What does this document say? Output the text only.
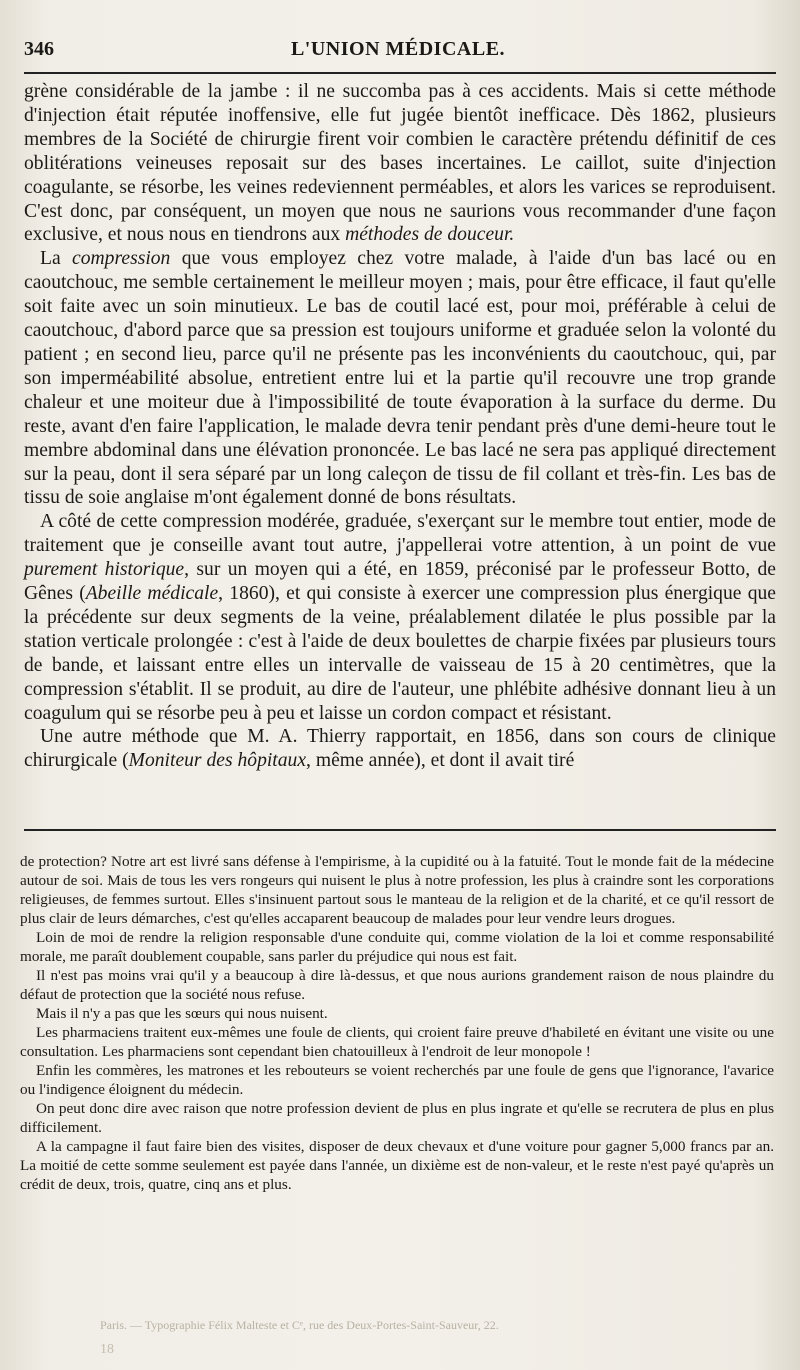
346	L'UNION MÉDICALE.

grène considérable de la jambe : il ne succomba pas à ces accidents. Mais si cette méthode d'injection était réputée inoffensive, elle fut jugée bientôt inefficace. Dès 1862, plusieurs membres de la Société de chirurgie firent voir combien le caractère prétendu définitif de ces oblitérations veineuses reposait sur des bases incertaines. Le caillot, suite d'injection coagulante, se résorbe, les veines redeviennent perméables, et alors les varices se reproduisent. C'est donc, par conséquent, un moyen que nous ne saurions vous recommander d'une façon exclusive, et nous nous en tiendrons aux méthodes de douceur.

La compression que vous employez chez votre malade, à l'aide d'un bas lacé ou en caoutchouc, me semble certainement le meilleur moyen ; mais, pour être efficace, il faut qu'elle soit faite avec un soin minutieux. Le bas de coutil lacé est, pour moi, préférable à celui de caoutchouc, d'abord parce que sa pression est toujours uniforme et graduée selon la volonté du patient ; en second lieu, parce qu'il ne présente pas les inconvénients du caoutchouc, qui, par son imperméabilité absolue, entretient entre lui et la partie qu'il recouvre une trop grande chaleur et une moiteur due à l'impossibilité de toute évaporation à la surface du derme. Du reste, avant d'en faire l'application, le malade devra tenir pendant près d'une demi-heure tout le membre abdominal dans une élévation prononcée. Le bas lacé ne sera pas appliqué directement sur la peau, dont il sera séparé par un long caleçon de tissu de fil collant et très-fin. Les bas de tissu de soie anglaise m'ont également donné de bons résultats.

A côté de cette compression modérée, graduée, s'exerçant sur le membre tout entier, mode de traitement que je conseille avant tout autre, j'appellerai votre attention, à un point de vue purement historique, sur un moyen qui a été, en 1859, préconisé par le professeur Botto, de Gênes (Abeille médicale, 1860), et qui consiste à exercer une compression plus énergique que la précédente sur deux segments de la veine, préalablement dilatée le plus possible par la station verticale prolongée : c'est à l'aide de deux boulettes de charpie fixées par plusieurs tours de bande, et laissant entre elles un intervalle de vaisseau de 15 à 20 centimètres, que la compression s'établit. Il se produit, au dire de l'auteur, une phlébite adhésive donnant lieu à un coagulum qui se résorbe peu à peu et laisse un cordon compact et résistant.

Une autre méthode que M. A. Thierry rapportait, en 1856, dans son cours de clinique chirurgicale (Moniteur des hôpitaux, même année), et dont il avait tiré

de protection? Notre art est livré sans défense à l'empirisme, à la cupidité ou à la fatuité. Tout le monde fait de la médecine autour de soi. Mais de tous les vers rongeurs qui nuisent le plus à notre profession, les plus à craindre sont les corporations religieuses, de femmes surtout. Elles s'insinuent partout sous le manteau de la religion et de la charité, et ce qu'il ressort de plus clair de leurs démarches, c'est qu'elles accaparent beaucoup de malades pour leur vendre leurs drogues.

Loin de moi de rendre la religion responsable d'une conduite qui, comme violation de la loi et comme responsabilité morale, me paraît doublement coupable, sans parler du préjudice qui nous est fait.

Il n'est pas moins vrai qu'il y a beaucoup à dire là-dessus, et que nous aurions grandement raison de nous plaindre du défaut de protection que la société nous refuse.

Mais il n'y a pas que les sœurs qui nous nuisent.

Les pharmaciens traitent eux-mêmes une foule de clients, qui croient faire preuve d'habileté en évitant une visite ou une consultation. Les pharmaciens sont cependant bien chatouilleux à l'endroit de leur monopole !

Enfin les commères, les matrones et les rebouteurs se voient recherchés par une foule de gens que l'ignorance, l'avarice ou l'indigence éloignent du médecin.

On peut donc dire avec raison que notre profession devient de plus en plus ingrate et qu'elle se recrutera de plus en plus difficilement.

A la campagne il faut faire bien des visites, disposer de deux chevaux et d'une voiture pour gagner 5,000 francs par an. La moitié de cette somme seulement est payée dans l'année, un dixième est de non-valeur, et le reste n'est payé qu'après un crédit de deux, trois, quatre, cinq ans et plus.

Paris. — Typographie Félix Malteste et Cᵉ, rue des Deux-Portes-Saint-Sauveur, 22.
18
